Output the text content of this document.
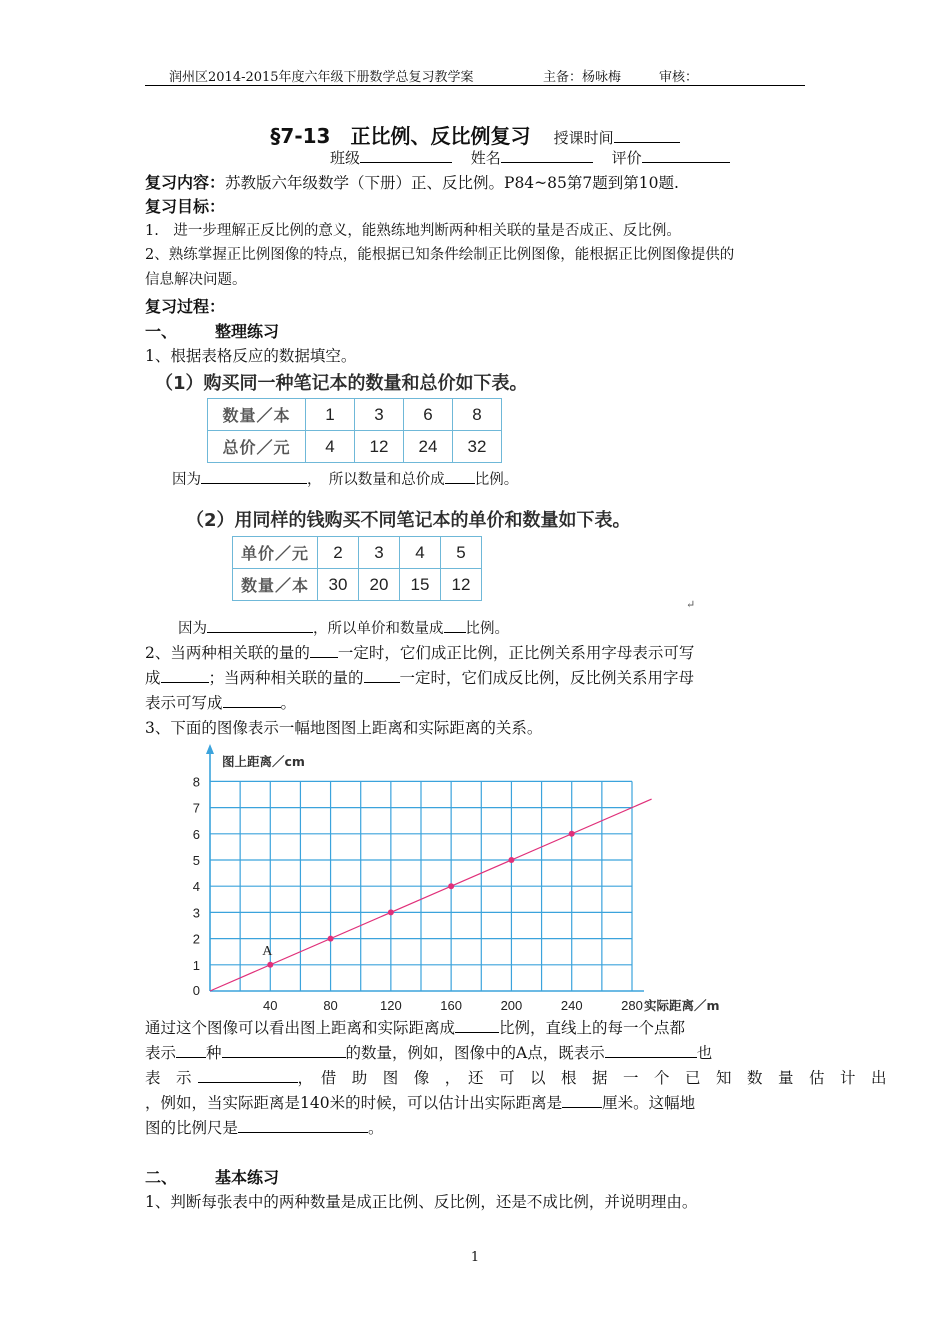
润州区2014-2015年度六年级下册数学总复习教学案	主备：杨咏梅	审核：
§7-13　正比例、反比例复习 授课时间
班级	姓名	评价
复习内容：苏教版六年级数学（下册）正、反比例。P84~85第7题到第10题.
复习目标：
1.　进一步理解正反比例的意义，能熟练地判断两种相关联的量是否成正、反比例。
2、熟练掌握正比例图像的特点，能根据已知条件绘制正比例图像，能根据正比例图像提供的
信息解决问题。
复习过程：
一、 整理练习
1、根据表格反应的数据填空。
（1）购买同一种笔记本的数量和总价如下表。
数量／本	1	3	6	8
总价／元	4	12	24	32
因为	，　所以数量和总价成 比例。
（2）用同样的钱购买不同笔记本的单价和数量如下表。
单价／元	2	3	4	5
数量／本	30	20	15	12
↵
因为	，所以单价和数量成 比例。
2、当两种相关联的量的 一定时，它们成正比例，正比例关系用字母表示可写
成	；当两种相关联的量的 一定时，它们成反比例，反比例关系用字母
表示可写成	。
3、下面的图像表示一幅地图图上距离和实际距离的关系。
40	80	120	160	200	240	280
8
7
6
5
4
3
2
1
0
图上距离／cm
实际距离／m
A
通过这个图像可以看出图上距离和实际距离成	比例，直线上的每一个点都
表示 种	的数量，例如，图像中的A点，既表示	也
表　示	，　借　助　图　像　，　还　可　以　根　据　一　个　已　知　数　量　估　计　出
，例如，当实际距离是140米的时候，可以估计出实际距离是	厘米。这幅地
图的比例尺是	。
二、 基本练习
1、判断每张表中的两种数量是成正比例、反比例，还是不成比例，并说明理由。
1
